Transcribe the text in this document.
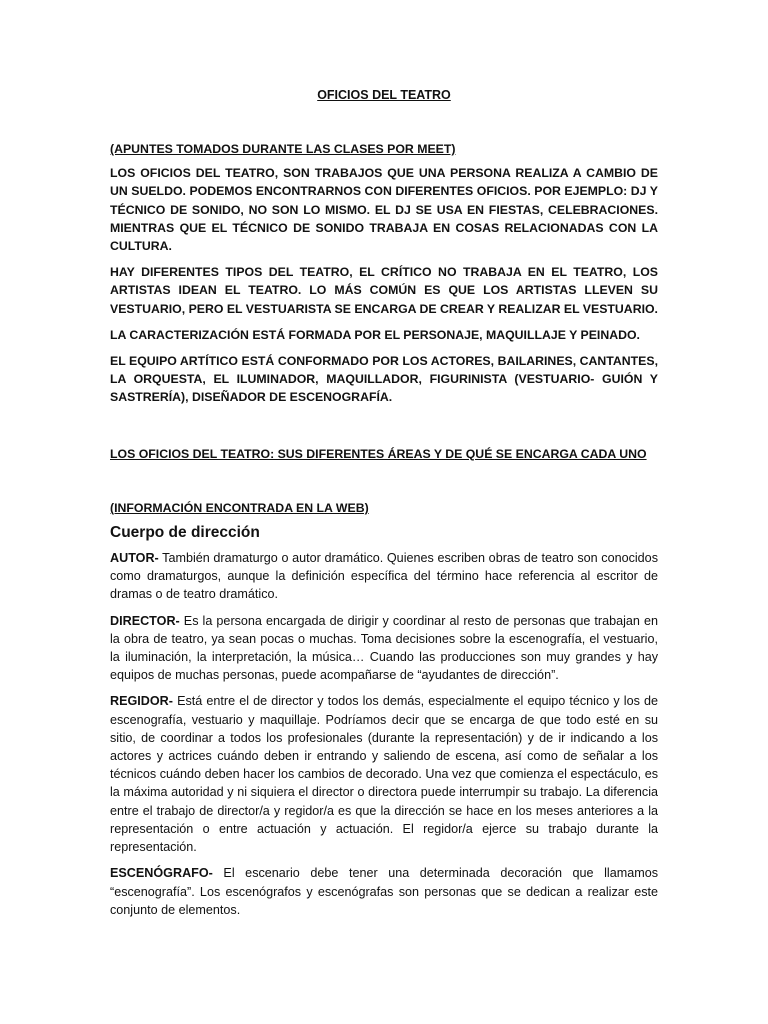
OFICIOS DEL TEATRO

(APUNTES TOMADOS DURANTE LAS CLASES POR MEET)

LOS OFICIOS DEL TEATRO, SON TRABAJOS QUE UNA PERSONA REALIZA A CAMBIO DE UN SUELDO. PODEMOS ENCONTRARNOS CON DIFERENTES OFICIOS. POR EJEMPLO: DJ Y TÉCNICO DE SONIDO, NO SON LO MISMO. EL DJ SE USA EN FIESTAS, CELEBRACIONES. MIENTRAS QUE EL TÉCNICO DE SONIDO TRABAJA EN COSAS RELACIONADAS CON LA CULTURA.

HAY DIFERENTES TIPOS DEL TEATRO, EL CRÍTICO NO TRABAJA EN EL TEATRO, LOS ARTISTAS IDEAN EL TEATRO. LO MÁS COMÚN ES QUE LOS ARTISTAS LLEVEN SU VESTUARIO, PERO EL VESTUARISTA SE ENCARGA DE CREAR Y REALIZAR EL VESTUARIO.

LA CARACTERIZACIÓN ESTÁ FORMADA POR EL PERSONAJE, MAQUILLAJE Y PEINADO.

EL EQUIPO ARTÍTICO ESTÁ CONFORMADO POR LOS ACTORES, BAILARINES, CANTANTES, LA ORQUESTA, EL ILUMINADOR, MAQUILLADOR, FIGURINISTA (VESTUARIO- GUIÓN Y SASTRERÍA), DISEÑADOR DE ESCENOGRAFÍA.

LOS OFICIOS DEL TEATRO: SUS DIFERENTES ÁREAS Y DE QUÉ SE ENCARGA CADA UNO

(INFORMACIÓN ENCONTRADA EN LA WEB)

Cuerpo de dirección

AUTOR- También dramaturgo o autor dramático. Quienes escriben obras de teatro son conocidos como dramaturgos, aunque la definición específica del término hace referencia al escritor de dramas o de teatro dramático.

DIRECTOR- Es la persona encargada de dirigir y coordinar al resto de personas que trabajan en la obra de teatro, ya sean pocas o muchas. Toma decisiones sobre la escenografía, el vestuario, la iluminación, la interpretación, la música… Cuando las producciones son muy grandes y hay equipos de muchas personas, puede acompañarse de “ayudantes de dirección”.

REGIDOR- Está entre el de director y todos los demás, especialmente el equipo técnico y los de escenografía, vestuario y maquillaje. Podríamos decir que se encarga de que todo esté en su sitio, de coordinar a todos los profesionales (durante la representación) y de ir indicando a los actores y actrices cuándo deben ir entrando y saliendo de escena, así como de señalar a los técnicos cuándo deben hacer los cambios de decorado. Una vez que comienza el espectáculo, es la máxima autoridad y ni siquiera el director o directora puede interrumpir su trabajo. La diferencia entre el trabajo de director/a y regidor/a es que la dirección se hace en los meses anteriores a la representación o entre actuación y actuación. El regidor/a ejerce su trabajo durante la representación.

ESCENÓGRAFO- El escenario debe tener una determinada decoración que llamamos “escenografía”. Los escenógrafos y escenógrafas son personas que se dedican a realizar este conjunto de elementos.
